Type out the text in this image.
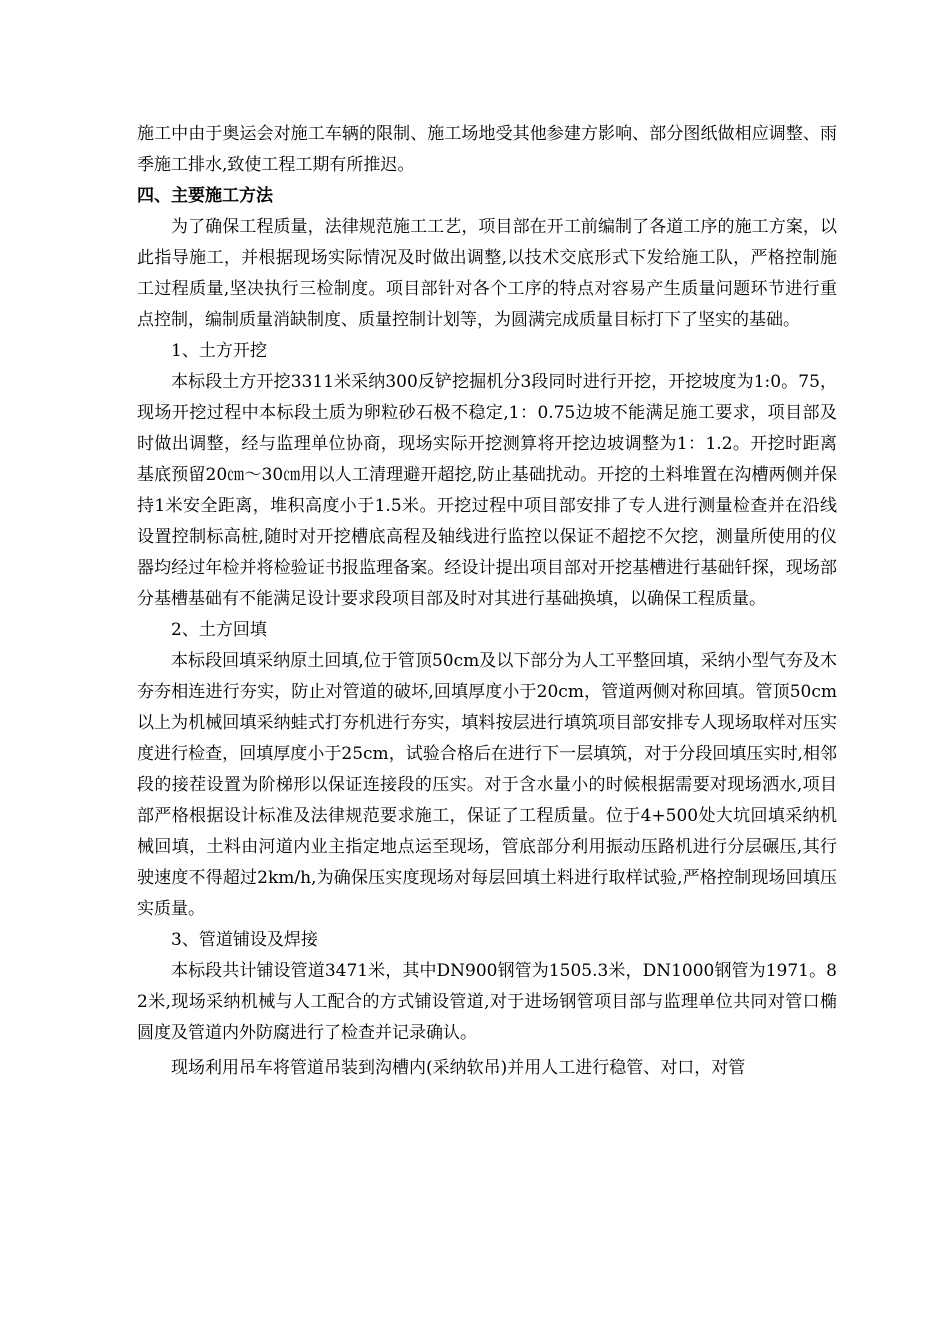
施工中由于奥运会对施工车辆的限制、施工场地受其他参建方影响、部分图纸做相应调整、雨季施工排水,致使工程工期有所推迟。

四、主要施工方法

为了确保工程质量，法律规范施工工艺，项目部在开工前编制了各道工序的施工方案，以此指导施工，并根据现场实际情况及时做出调整,以技术交底形式下发给施工队，严格控制施工过程质量,坚决执行三检制度。项目部针对各个工序的特点对容易产生质量问题环节进行重点控制，编制质量消缺制度、质量控制计划等，为圆满完成质量目标打下了坚实的基础。

1、土方开挖

本标段土方开挖3311米采纳300反铲挖掘机分3段同时进行开挖，开挖坡度为1:0。75，现场开挖过程中本标段土质为卵粒砂石极不稳定,1：0.75边坡不能满足施工要求，项目部及时做出调整，经与监理单位协商，现场实际开挖测算将开挖边坡调整为1：1.2。开挖时距离基底预留20㎝～30㎝用以人工清理避开超挖,防止基础扰动。开挖的土料堆置在沟槽两侧并保持1米安全距离，堆积高度小于1.5米。开挖过程中项目部安排了专人进行测量检查并在沿线设置控制标高桩,随时对开挖槽底高程及轴线进行监控以保证不超挖不欠挖，测量所使用的仪器均经过年检并将检验证书报监理备案。经设计提出项目部对开挖基槽进行基础钎探，现场部分基槽基础有不能满足设计要求段项目部及时对其进行基础换填，以确保工程质量。

2、土方回填

本标段回填采纳原土回填,位于管顶50cm及以下部分为人工平整回填，采纳小型气夯及木夯夯相连进行夯实，防止对管道的破坏,回填厚度小于20cm，管道两侧对称回填。管顶50cm以上为机械回填采纳蛙式打夯机进行夯实，填料按层进行填筑项目部安排专人现场取样对压实度进行检查，回填厚度小于25cm，试验合格后在进行下一层填筑，对于分段回填压实时,相邻段的接茬设置为阶梯形以保证连接段的压实。对于含水量小的时候根据需要对现场洒水,项目部严格根据设计标准及法律规范要求施工，保证了工程质量。位于4+500处大坑回填采纳机械回填，土料由河道内业主指定地点运至现场，管底部分利用振动压路机进行分层碾压,其行驶速度不得超过2km/h,为确保压实度现场对每层回填土料进行取样试验,严格控制现场回填压实质量。

3、管道铺设及焊接

本标段共计铺设管道3471米，其中DN900钢管为1505.3米，DN1000钢管为1971。82米,现场采纳机械与人工配合的方式铺设管道,对于进场钢管项目部与监理单位共同对管口椭圆度及管道内外防腐进行了检查并记录确认。

现场利用吊车将管道吊装到沟槽内(采纳软吊)并用人工进行稳管、对口，对管
